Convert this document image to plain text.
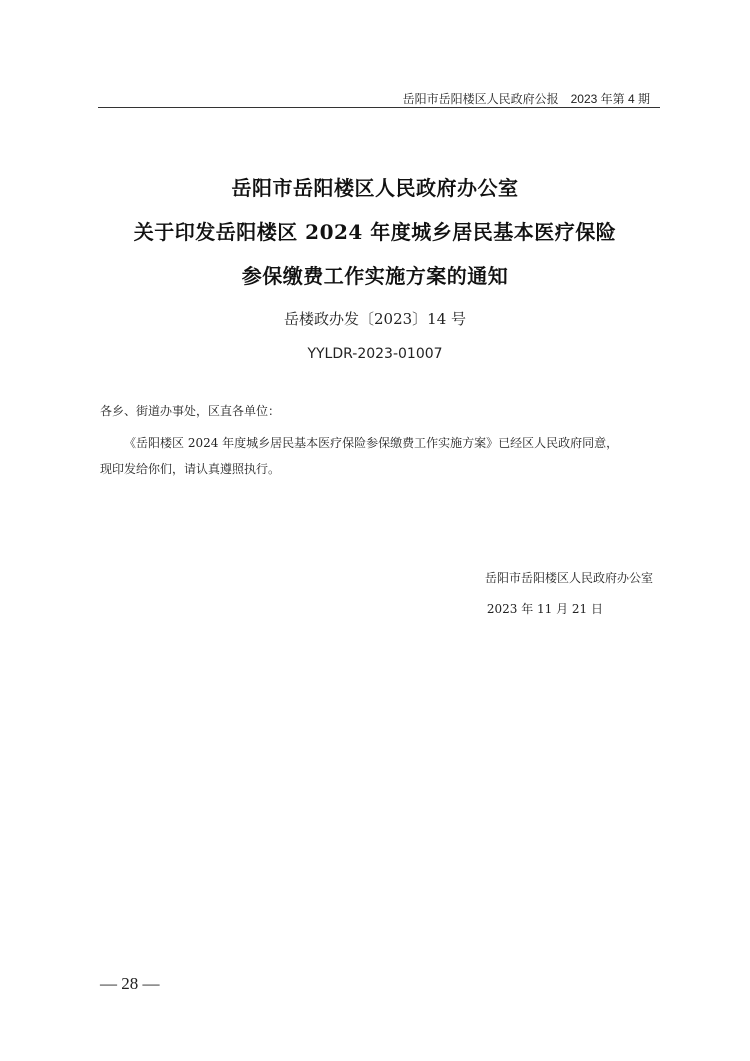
岳阳市岳阳楼区人民政府公报　2023 年第 4 期
岳阳市岳阳楼区人民政府办公室
关于印发岳阳楼区 2024 年度城乡居民基本医疗保险
参保缴费工作实施方案的通知
岳楼政办发〔2023〕14 号
YYLDR-2023-01007
各乡、街道办事处，区直各单位：
《岳阳楼区 2024 年度城乡居民基本医疗保险参保缴费工作实施方案》已经区人民政府同意，
现印发给你们，请认真遵照执行。
岳阳市岳阳楼区人民政府办公室
2023 年 11 月 21 日
— 28 —
